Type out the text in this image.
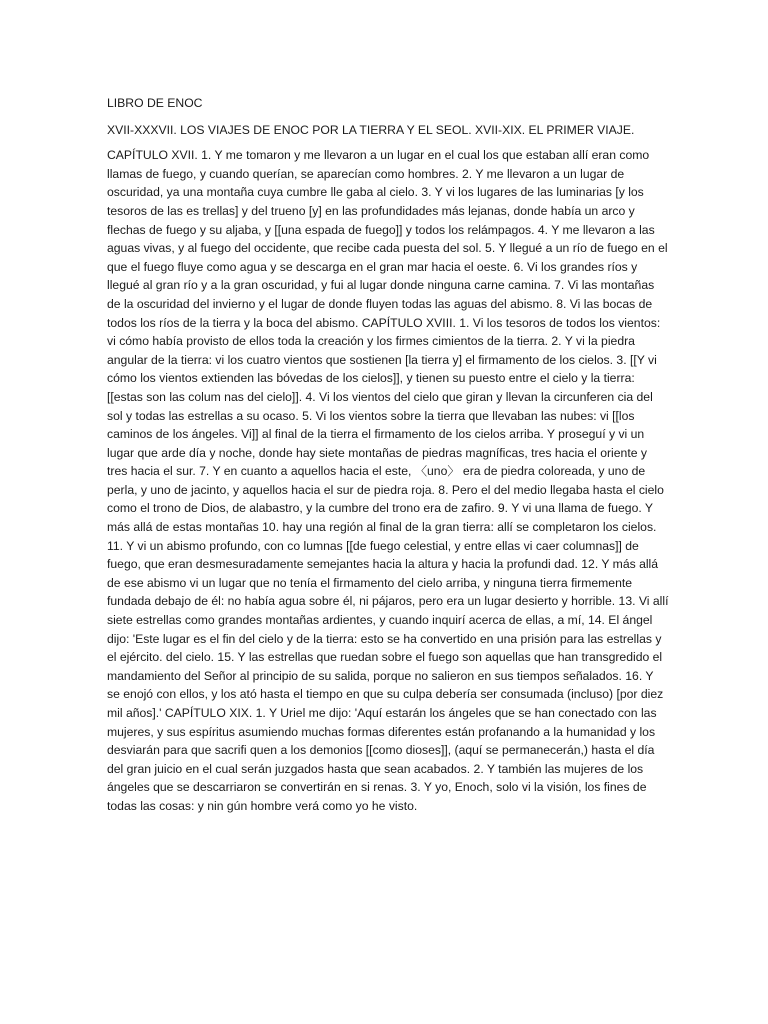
LIBRO DE ENOC

XVII-XXXVII. LOS VIAJES DE ENOC POR LA TIERRA Y EL SEOL. XVII-XIX. EL PRIMER VIAJE.

CAPÍTULO XVII. 1. Y me tomaron y me llevaron a un lugar en el cual los que estaban allí eran como llamas de fuego, y cuando querían, se aparecían como hombres. 2. Y me llevaron a un lugar de oscuridad, ya una montaña cuya cumbre lle gaba al cielo. 3. Y vi los lugares de las luminarias [y los tesoros de las es trellas] y del trueno [y] en las profundidades más lejanas, donde había un arco y flechas de fuego y su aljaba, y [[una espada de fuego]] y todos los relámpagos. 4. Y me llevaron a las aguas vivas, y al fuego del occidente, que recibe cada puesta del sol. 5. Y llegué a un río de fuego en el que el fuego fluye como agua y se descarga en el gran mar hacia el oeste. 6. Vi los grandes ríos y llegué al gran río y a la gran oscuridad, y fui al lugar donde ninguna carne camina. 7. Vi las montañas de la oscuridad del invierno y el lugar de donde fluyen todas las aguas del abismo. 8. Vi las bocas de todos los ríos de la tierra y la boca del abismo. CAPÍTULO XVIII. 1. Vi los tesoros de todos los vientos: vi cómo había provisto de ellos toda la creación y los firmes cimientos de la tierra. 2. Y vi la piedra angular de la tierra: vi los cuatro vientos que sostienen [la tierra y] el firmamento de los cielos. 3. [[Y vi cómo los vientos extienden las bóvedas de los cielos]], y tienen su puesto entre el cielo y la tierra: [[estas son las colum nas del cielo]]. 4. Vi los vientos del cielo que giran y llevan la circunferen cia del sol y todas las estrellas a su ocaso. 5. Vi los vientos sobre la tierra que llevaban las nubes: vi [[los caminos de los ángeles. Vi]] al final de la tierra el firmamento de los cielos arriba. Y proseguí y vi un lugar que arde día y noche, donde hay siete montañas de piedras magníficas, tres hacia el oriente y tres hacia el sur. 7. Y en cuanto a aquellos hacia el este, 〈uno〉 era de piedra coloreada, y uno de perla, y uno de jacinto, y aquellos hacia el sur de piedra roja. 8. Pero el del medio llegaba hasta el cielo como el trono de Dios, de alabastro, y la cumbre del trono era de zafiro. 9. Y vi una llama de fuego. Y más allá de estas montañas 10. hay una región al final de la gran tierra: allí se completaron los cielos. 11. Y vi un abismo profundo, con co lumnas [[de fuego celestial, y entre ellas vi caer columnas]] de fuego, que eran desmesuradamente semejantes hacia la altura y hacia la profundi dad. 12. Y más allá de ese abismo vi un lugar que no tenía el firmamento del cielo arriba, y ninguna tierra firmemente fundada debajo de él: no había agua sobre él, ni pájaros, pero era un lugar desierto y horrible. 13. Vi allí siete estrellas como grandes montañas ardientes, y cuando inquirí acerca de ellas, a mí, 14. El ángel dijo: 'Este lugar es el fin del cielo y de la tierra: esto se ha convertido en una prisión para las estrellas y el ejército. del cielo. 15. Y las estrellas que ruedan sobre el fuego son aquellas que han transgredido el mandamiento del Señor al principio de su salida, porque no salieron en sus tiempos señalados. 16. Y se enojó con ellos, y los ató hasta el tiempo en que su culpa debería ser consumada (incluso) [por diez mil años].' CAPÍTULO XIX. 1. Y Uriel me dijo: 'Aquí estarán los ángeles que se han conectado con las mujeres, y sus espíritus asumiendo muchas formas diferentes están profanando a la humanidad y los desviarán para que sacrifi quen a los demonios [[como dioses]], (aquí se permanecerán,) hasta el día del gran juicio en el cual serán juzgados hasta que sean acabados. 2. Y también las mujeres de los ángeles que se descarriaron se convertirán en si renas. 3. Y yo, Enoch, solo vi la visión, los fines de todas las cosas: y nin gún hombre verá como yo he visto.
